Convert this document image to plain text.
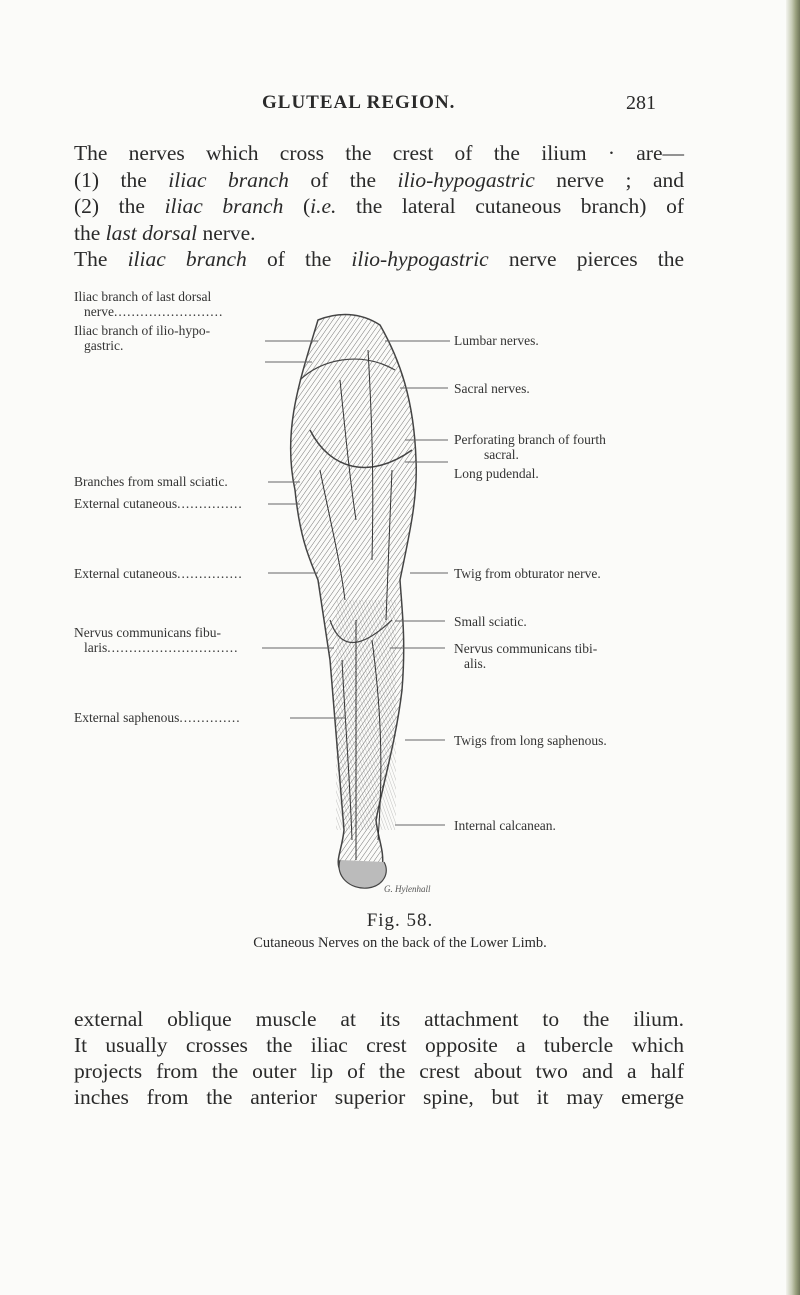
GLUTEAL REGION.	281
The nerves which cross the crest of the ilium · are—
(1) the iliac branch of the ilio-hypogastric nerve ; and
(2) the iliac branch (i.e. the lateral cutaneous branch) of
the last dorsal nerve.
The iliac branch of the ilio-hypogastric nerve pierces the
Iliac branch of last dorsal
nerve.........................
Iliac branch of ilio-hypo-
gastric.
Branches from small sciatic.
External cutaneous...............
External cutaneous...............
Nervus communicans fibu-
laris..............................
External saphenous..............
Lumbar nerves.
Sacral nerves.
Perforating branch of fourth
sacral.
Long pudendal.
Twig from obturator nerve.
Small sciatic.
Nervus communicans tibi-
alis.
Twigs from long saphenous.
Internal calcanean.
G. Hylenhall
Fig. 58.
Cutaneous Nerves on the back of the Lower Limb.
external oblique muscle at its attachment to the ilium.
It usually crosses the iliac crest opposite a tubercle which
projects from the outer lip of the crest about two and a half
inches from the anterior superior spine, but it may emerge
